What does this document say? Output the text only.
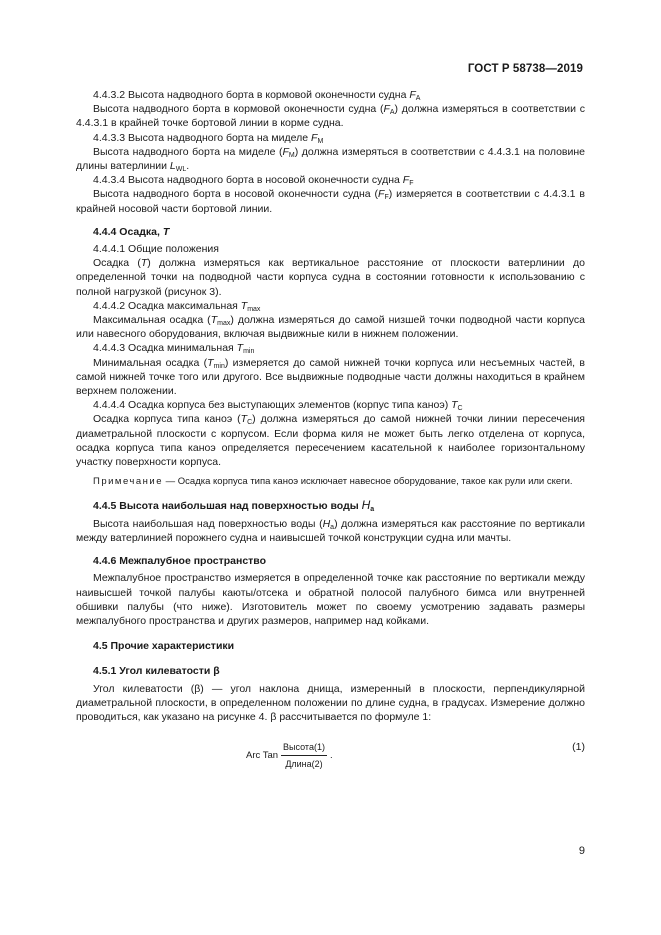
ГОСТ Р 58738—2019

4.4.3.2 Высота надводного борта в кормовой оконечности судна $F_A$

Высота надводного борта в кормовой оконечности судна $(F_A)$ должна измеряться в соответствии с 4.4.3.1 в крайней точке бортовой линии в корме судна.

4.4.3.3 Высота надводного борта на миделе $F_M$

Высота надводного борта на миделе $(F_M)$ должна измеряться в соответствии с 4.4.3.1 на половине длины ватерлинии $L_{WL}$.

4.4.3.4 Высота надводного борта в носовой оконечности судна $F_F$

Высота надводного борта в носовой оконечности судна $(F_F)$ измеряется в соответствии с 4.4.3.1 в крайней носовой части бортовой линии.

4.4.4 Осадка, T

4.4.4.1 Общие положения

Осадка (T) должна измеряться как вертикальное расстояние от плоскости ватерлинии до определенной точки на подводной части корпуса судна в состоянии готовности к использованию с полной нагрузкой (рисунок 3).

4.4.4.2 Осадка максимальная $T_{max}$

Максимальная осадка $(T_{max})$ должна измеряться до самой низшей точки подводной части корпуса или навесного оборудования, включая выдвижные кили в нижнем положении.

4.4.4.3 Осадка минимальная $T_{min}$

Минимальная осадка $(T_{min})$ измеряется до самой нижней точки корпуса или несъемных частей, в самой нижней точке того или другого. Все выдвижные подводные части должны находиться в крайнем верхнем положении.

4.4.4.4 Осадка корпуса без выступающих элементов (корпус типа каноэ) $T_C$

Осадка корпуса типа каноэ $(T_C)$ должна измеряться до самой нижней точки линии пересечения диаметральной плоскости с корпусом. Если форма киля не может быть легко отделена от корпуса, осадка корпуса типа каноэ определяется пересечением касательной к наиболее горизонтальному участку поверхности корпуса.

Примечание — Осадка корпуса типа каноэ исключает навесное оборудование, такое как рули или скеги.

4.4.5 Высота наибольшая над поверхностью воды $H_a$

Высота наибольшая над поверхностью воды $(H_a)$ должна измеряться как расстояние по вертикали между ватерлинией порожнего судна и наивысшей точкой конструкции судна или мачты.

4.4.6 Межпалубное пространство

Межпалубное пространство измеряется в определенной точке как расстояние по вертикали между наивысшей точкой палубы каюты/отсека и обратной полосой палубного бимса или внутренней обшивки палубы (что ниже). Изготовитель может по своему усмотрению задавать размеры межпалубного пространства и других размеров, например над койками.

4.5 Прочие характеристики

4.5.1 Угол килеватости β

Угол килеватости (β) — угол наклона днища, измеренный в плоскости, перпендикулярной диаметральной плоскости, в определенном положении по длине судна, в градусах. Измерение должно проводиться, как указано на рисунке 4. β рассчитывается по формуле 1:

Arc Tan $\frac{\text{Высота(1)}}{\text{Длина(2)}}$ .
(1)
9
